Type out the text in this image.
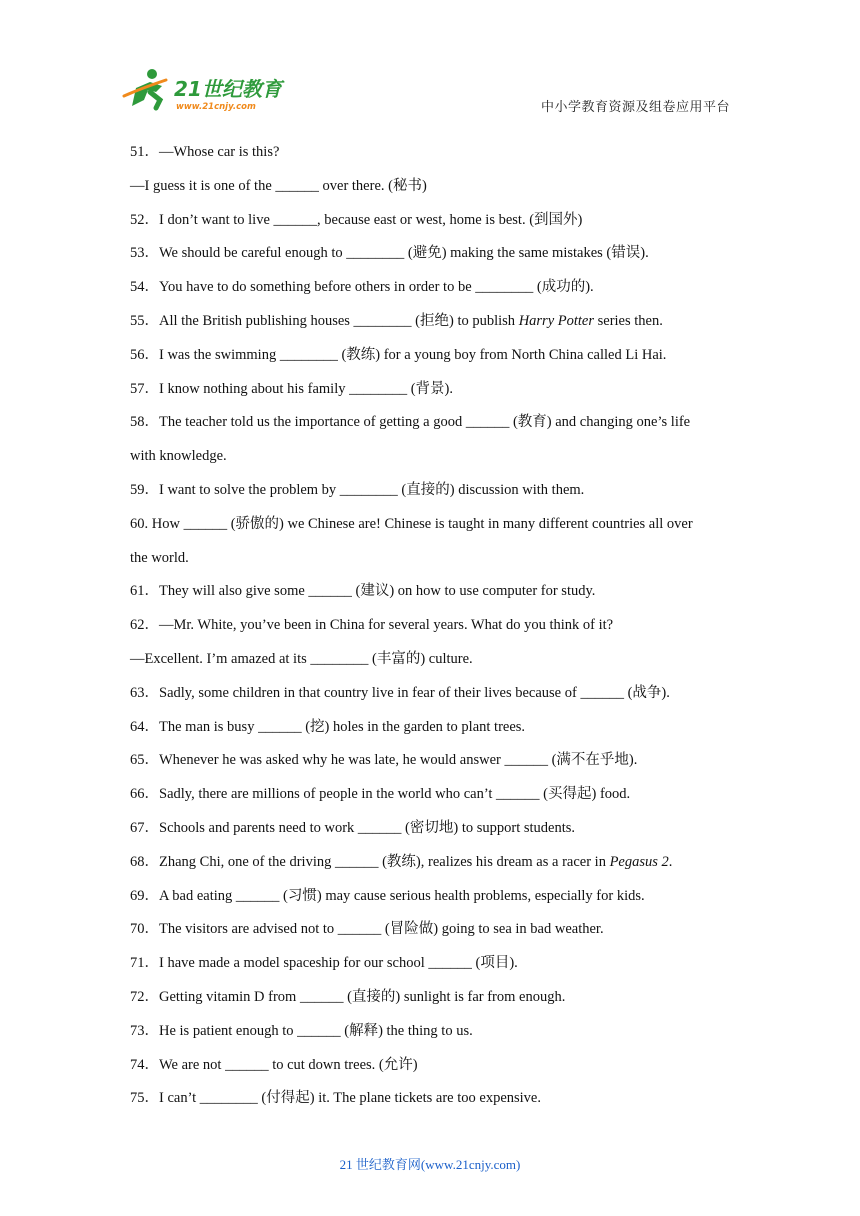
21世纪教育
www.21cnjy.com	中小学教育资源及组卷应用平台
51．—Whose car is this?
—I guess it is one of the ______ over there. (秘书)
52．I don’t want to live ______, because east or west, home is best. (到国外)
53．We should be careful enough to ________ (避免) making the same mistakes (错误).
54．You have to do something before others in order to be ________ (成功的).
55．All the British publishing houses ________ (拒绝) to publish Harry Potter series then.
56．I was the swimming ________ (教练) for a young boy from North China called Li Hai.
57．I know nothing about his family ________ (背景).
58．The teacher told us the importance of getting a good ______ (教育) and changing one’s life
with knowledge.
59．I want to solve the problem by ________ (直接的) discussion with them.
60. How ______ (骄傲的) we Chinese are! Chinese is taught in many different countries all over
the world.
61．They will also give some ______ (建议) on how to use computer for study.
62．—Mr. White, you’ve been in China for several years. What do you think of it?
—Excellent. I’m amazed at its ________ (丰富的) culture.
63．Sadly, some children in that country live in fear of their lives because of ______ (战争).
64．The man is busy ______ (挖) holes in the garden to plant trees.
65．Whenever he was asked why he was late, he would answer ______ (满不在乎地).
66．Sadly, there are millions of people in the world who can’t ______ (买得起) food.
67．Schools and parents need to work ______ (密切地) to support students.
68．Zhang Chi, one of the driving ______ (教练), realizes his dream as a racer in Pegasus 2.
69．A bad eating ______ (习惯) may cause serious health problems, especially for kids.
70．The visitors are advised not to ______ (冒险做) going to sea in bad weather.
71．I have made a model spaceship for our school ______ (项目).
72．Getting vitamin D from ______ (直接的) sunlight is far from enough.
73．He is patient enough to ______ (解释) the thing to us.
74．We are not ______ to cut down trees. (允许)
75．I can’t ________ (付得起) it. The plane tickets are too expensive.
21 世纪教育网(www.21cnjy.com)
